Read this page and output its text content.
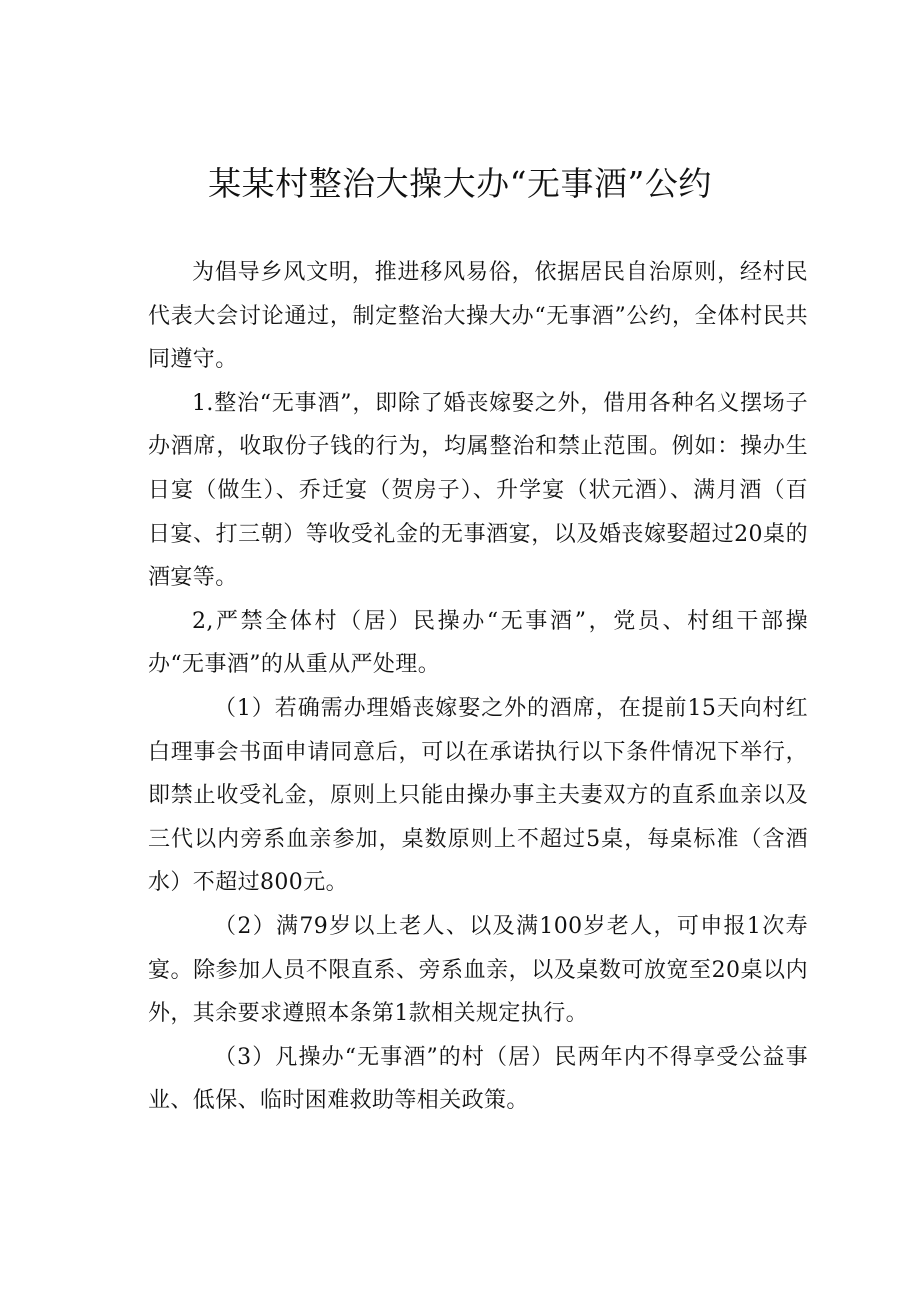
某某村整治大操大办“无事酒”公约

为倡导乡风文明，推进移风易俗，依据居民自治原则，经村民代表大会讨论通过，制定整治大操大办“无事酒”公约，全体村民共同遵守。

1.整治“无事酒”，即除了婚丧嫁娶之外，借用各种名义摆场子办酒席，收取份子钱的行为，均属整治和禁止范围。例如：操办生日宴（做生）、乔迁宴（贺房子）、升学宴（状元酒）、满月酒（百日宴、打三朝）等收受礼金的无事酒宴，以及婚丧嫁娶超过20桌的酒宴等。

2,严禁全体村（居）民操办“无事酒”，党员、村组干部操办“无事酒”的从重从严处理。

（1）若确需办理婚丧嫁娶之外的酒席，在提前15天向村红白理事会书面申请同意后，可以在承诺执行以下条件情况下举行，即禁止收受礼金，原则上只能由操办事主夫妻双方的直系血亲以及三代以内旁系血亲参加，桌数原则上不超过5桌，每桌标准（含酒水）不超过800元。

（2）满79岁以上老人、以及满100岁老人，可申报1次寿宴。除参加人员不限直系、旁系血亲，以及桌数可放宽至20桌以内外，其余要求遵照本条第1款相关规定执行。

（3）凡操办“无事酒”的村（居）民两年内不得享受公益事业、低保、临时困难救助等相关政策。
